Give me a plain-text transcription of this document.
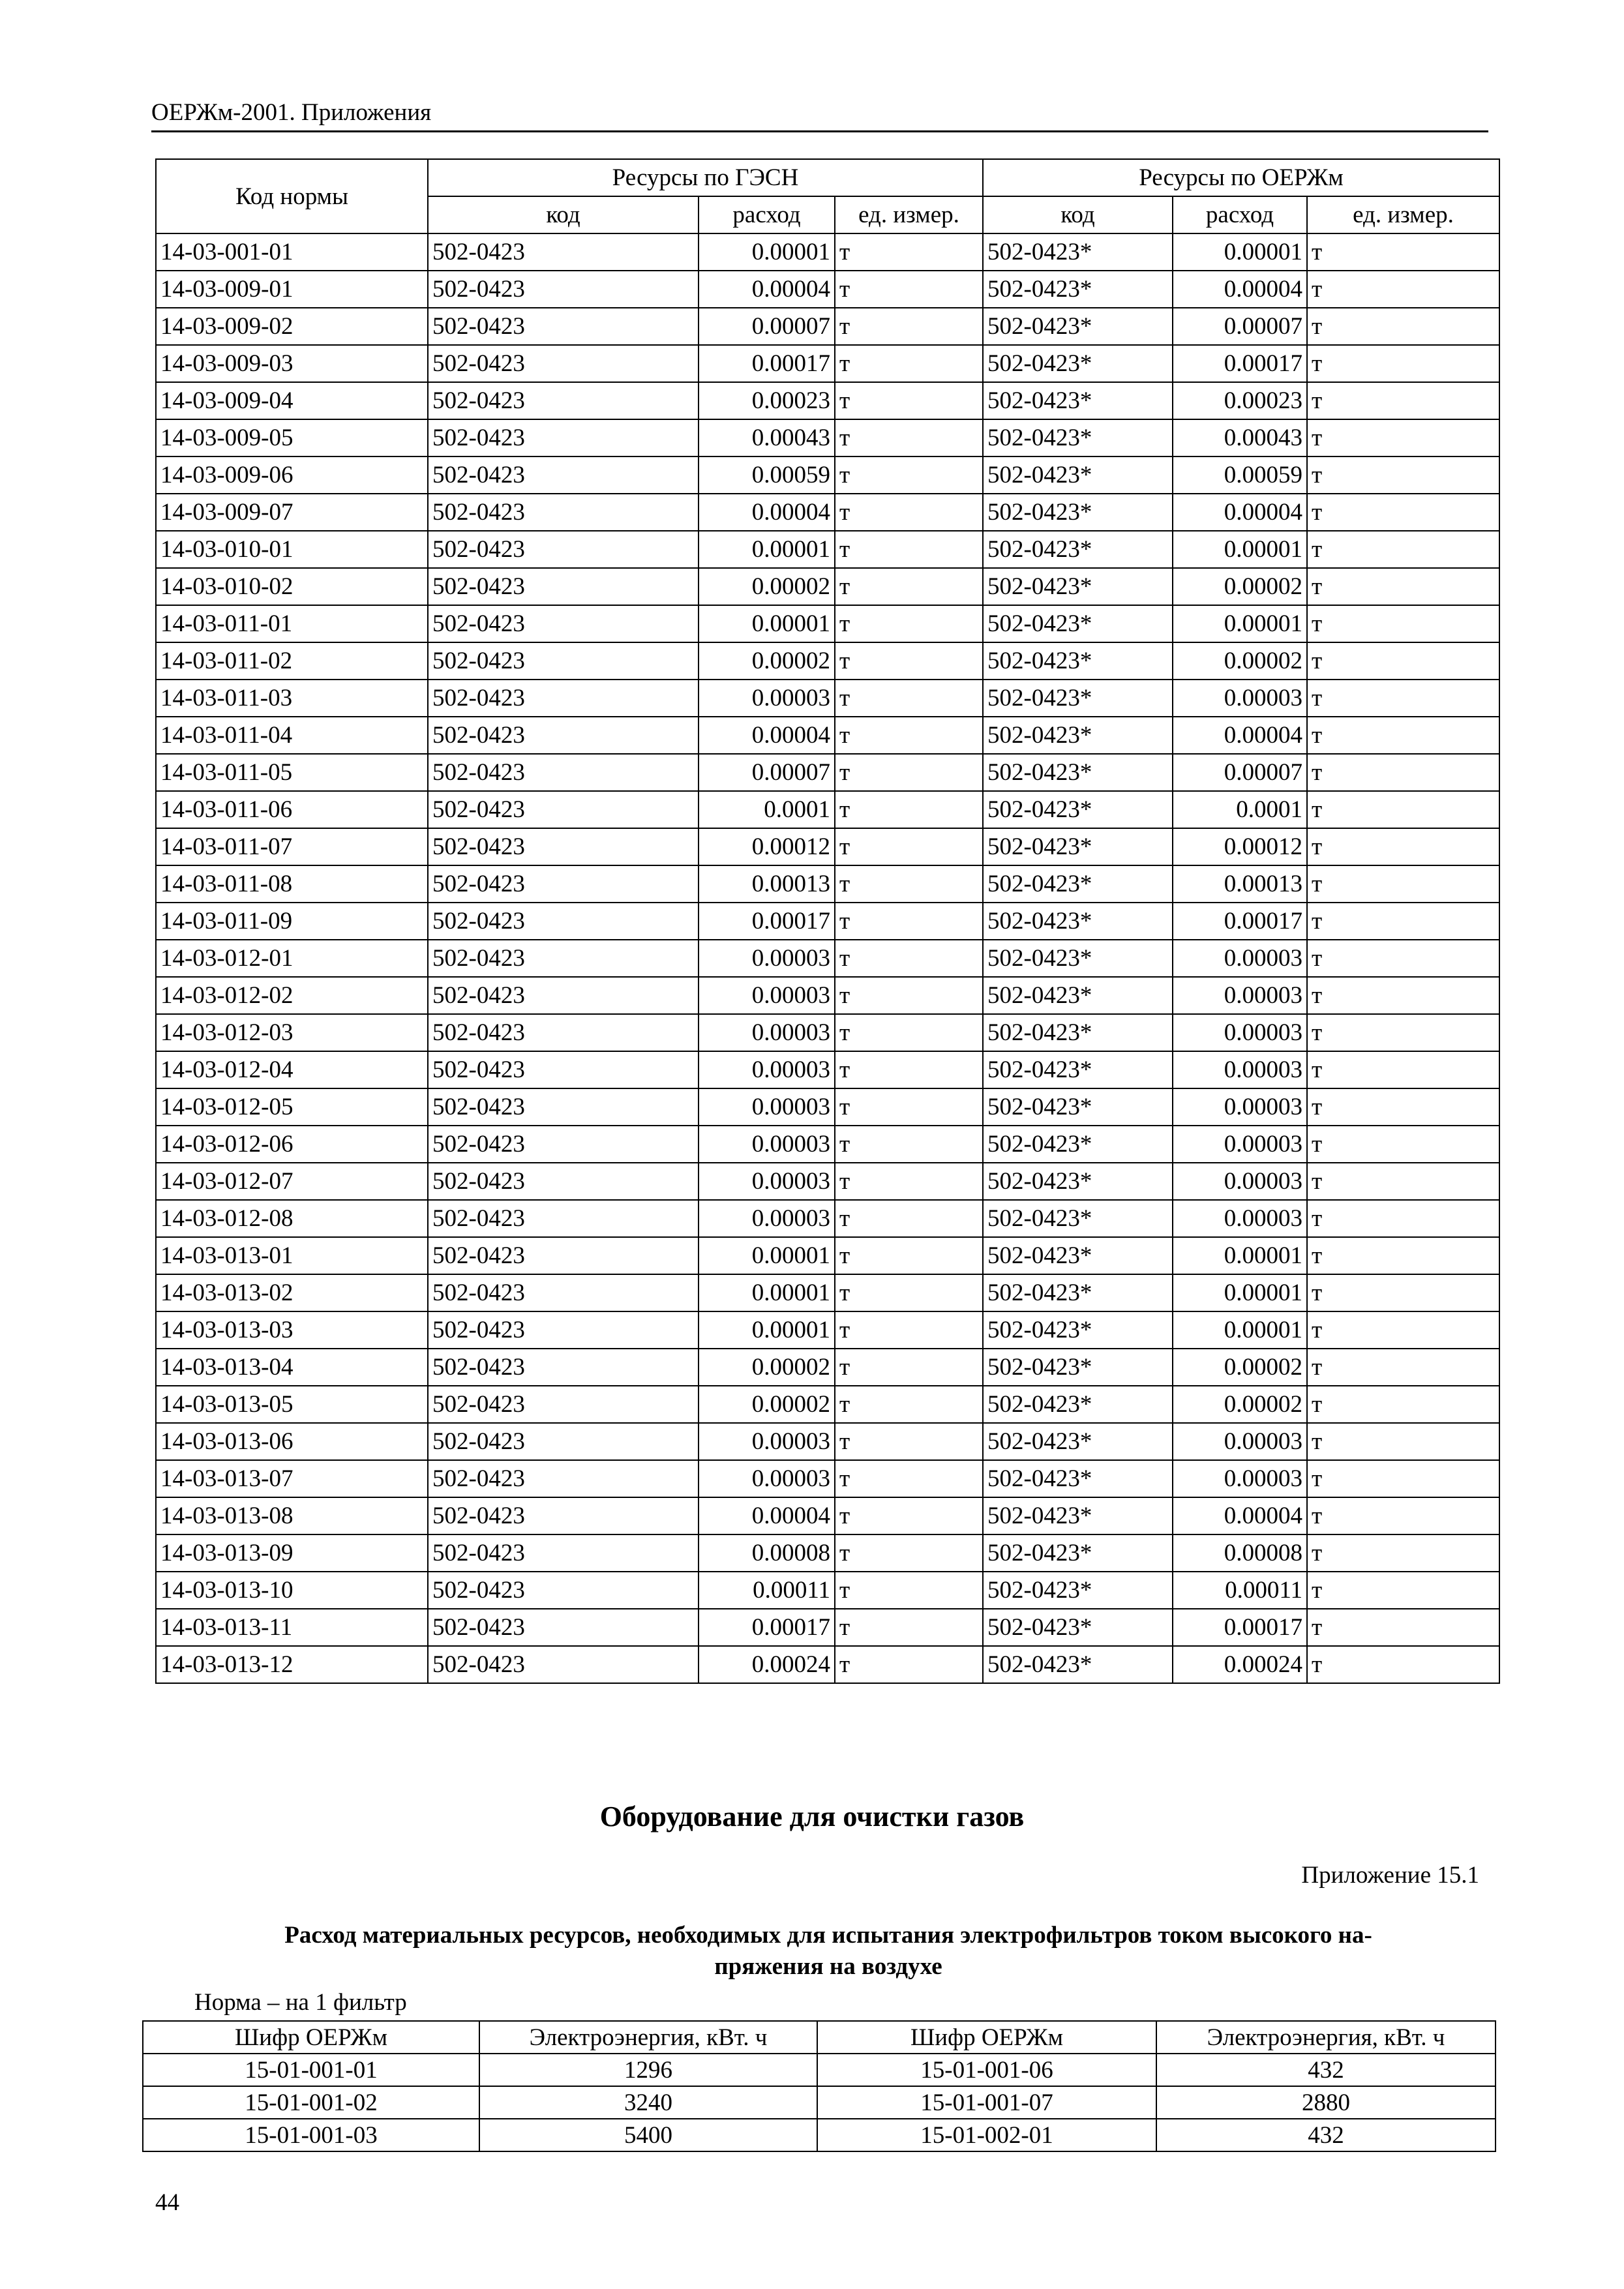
ОЕРЖм-2001. Приложения
Код нормы	Ресурсы по ГЭСН			Ресурсы по ОЕРЖм		
	код	расход	ед. измер.	код	расход	ед. измер.
14-03-001-01	502-0423	0.00001	т	502-0423*	0.00001	т
14-03-009-01	502-0423	0.00004	т	502-0423*	0.00004	т
14-03-009-02	502-0423	0.00007	т	502-0423*	0.00007	т
14-03-009-03	502-0423	0.00017	т	502-0423*	0.00017	т
14-03-009-04	502-0423	0.00023	т	502-0423*	0.00023	т
14-03-009-05	502-0423	0.00043	т	502-0423*	0.00043	т
14-03-009-06	502-0423	0.00059	т	502-0423*	0.00059	т
14-03-009-07	502-0423	0.00004	т	502-0423*	0.00004	т
14-03-010-01	502-0423	0.00001	т	502-0423*	0.00001	т
14-03-010-02	502-0423	0.00002	т	502-0423*	0.00002	т
14-03-011-01	502-0423	0.00001	т	502-0423*	0.00001	т
14-03-011-02	502-0423	0.00002	т	502-0423*	0.00002	т
14-03-011-03	502-0423	0.00003	т	502-0423*	0.00003	т
14-03-011-04	502-0423	0.00004	т	502-0423*	0.00004	т
14-03-011-05	502-0423	0.00007	т	502-0423*	0.00007	т
14-03-011-06	502-0423	0.0001	т	502-0423*	0.0001	т
14-03-011-07	502-0423	0.00012	т	502-0423*	0.00012	т
14-03-011-08	502-0423	0.00013	т	502-0423*	0.00013	т
14-03-011-09	502-0423	0.00017	т	502-0423*	0.00017	т
14-03-012-01	502-0423	0.00003	т	502-0423*	0.00003	т
14-03-012-02	502-0423	0.00003	т	502-0423*	0.00003	т
14-03-012-03	502-0423	0.00003	т	502-0423*	0.00003	т
14-03-012-04	502-0423	0.00003	т	502-0423*	0.00003	т
14-03-012-05	502-0423	0.00003	т	502-0423*	0.00003	т
14-03-012-06	502-0423	0.00003	т	502-0423*	0.00003	т
14-03-012-07	502-0423	0.00003	т	502-0423*	0.00003	т
14-03-012-08	502-0423	0.00003	т	502-0423*	0.00003	т
14-03-013-01	502-0423	0.00001	т	502-0423*	0.00001	т
14-03-013-02	502-0423	0.00001	т	502-0423*	0.00001	т
14-03-013-03	502-0423	0.00001	т	502-0423*	0.00001	т
14-03-013-04	502-0423	0.00002	т	502-0423*	0.00002	т
14-03-013-05	502-0423	0.00002	т	502-0423*	0.00002	т
14-03-013-06	502-0423	0.00003	т	502-0423*	0.00003	т
14-03-013-07	502-0423	0.00003	т	502-0423*	0.00003	т
14-03-013-08	502-0423	0.00004	т	502-0423*	0.00004	т
14-03-013-09	502-0423	0.00008	т	502-0423*	0.00008	т
14-03-013-10	502-0423	0.00011	т	502-0423*	0.00011	т
14-03-013-11	502-0423	0.00017	т	502-0423*	0.00017	т
14-03-013-12	502-0423	0.00024	т	502-0423*	0.00024	т
Оборудование для очистки газов
Приложение 15.1
Расход материальных ресурсов, необходимых для испытания электрофильтров током высокого на-
пряжения на воздухе
Норма – на 1 фильтр
Шифр ОЕРЖм	Электроэнергия, кВт. ч	Шифр ОЕРЖм	Электроэнергия, кВт. ч
15-01-001-01	1296	15-01-001-06	432
15-01-001-02	3240	15-01-001-07	2880
15-01-001-03	5400	15-01-002-01	432
44
